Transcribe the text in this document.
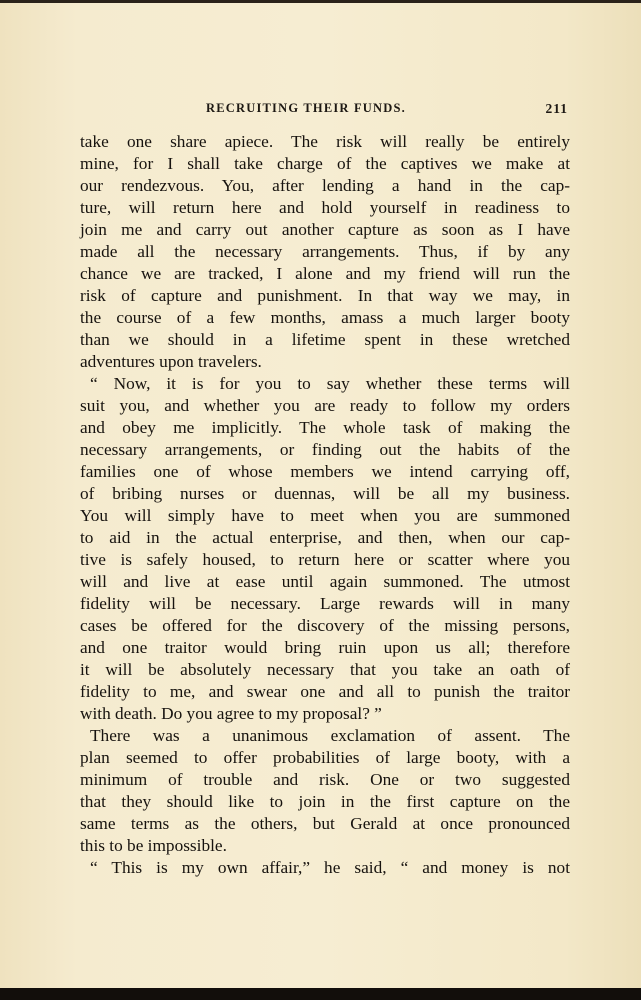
RECRUITING THEIR FUNDS.	211
take one share apiece. The risk will really be entirely
mine, for I shall take charge of the captives we make at
our rendezvous. You, after lending a hand in the cap-
ture, will return here and hold yourself in readiness to
join me and carry out another capture as soon as I have
made all the necessary arrangements. Thus, if by any
chance we are tracked, I alone and my friend will run the
risk of capture and punishment. In that way we may, in
the course of a few months, amass a much larger booty
than we should in a lifetime spent in these wretched
adventures upon travelers.
“ Now, it is for you to say whether these terms will
suit you, and whether you are ready to follow my orders
and obey me implicitly. The whole task of making the
necessary arrangements, or finding out the habits of the
families one of whose members we intend carrying off,
of bribing nurses or duennas, will be all my business.
You will simply have to meet when you are summoned
to aid in the actual enterprise, and then, when our cap-
tive is safely housed, to return here or scatter where you
will and live at ease until again summoned. The utmost
fidelity will be necessary. Large rewards will in many
cases be offered for the discovery of the missing persons,
and one traitor would bring ruin upon us all; therefore
it will be absolutely necessary that you take an oath of
fidelity to me, and swear one and all to punish the traitor
with death. Do you agree to my proposal? ”
There was a unanimous exclamation of assent. The
plan seemed to offer probabilities of large booty, with a
minimum of trouble and risk. One or two suggested
that they should like to join in the first capture on the
same terms as the others, but Gerald at once pronounced
this to be impossible.
“ This is my own affair,” he said, “ and money is not
